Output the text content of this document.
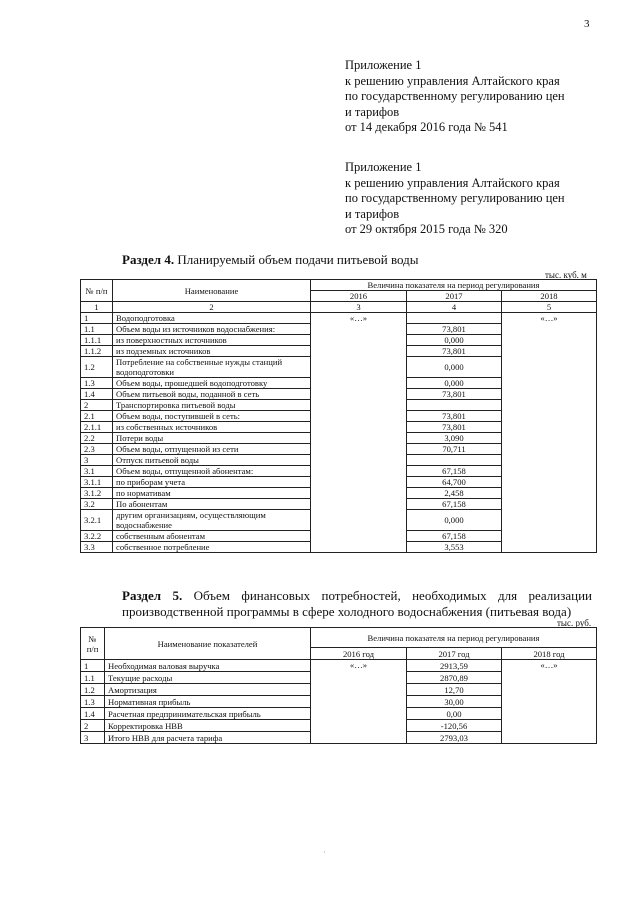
3
Приложение 1
к решению управления Алтайского края
по государственному регулированию цен
и тарифов
от 14 декабря 2016 года № 541
Приложение 1
к решению управления Алтайского края
по государственному регулированию цен
и тарифов
от 29 октября 2015 года № 320
Раздел 4. Планируемый объем подачи питьевой воды
тыс. куб. м
№ п/п	Наименование	Величина показателя на период регулирования		
		2016	2017	2018
1	2	3	4	5
1	Водоподготовка	«…»		«…»
1.1	Объем воды из источников водоснабжения:		73,801	
1.1.1	из поверхностных источников		0,000	
1.1.2	из подземных источников		73,801	
1.2	Потребление на собственные нужды станций водоподготовки		0,000	
1.3	Объем воды, прошедшей водоподготовку		0,000	
1.4	Объем питьевой воды, поданной в сеть		73,801	
2	Транспортировка питьевой воды			
2.1	Объем воды, поступившей в сеть:		73,801	
2.1.1	из собственных источников		73,801	
2.2	Потери воды		3,090	
2.3	Объем воды, отпущенной из сети		70,711	
3	Отпуск питьевой воды			
3.1	Объем воды, отпущенной абонентам:		67,158	
3.1.1	по приборам учета		64,700	
3.1.2	по нормативам		2,458	
3.2	По абонентам		67,158	
3.2.1	другим организациям, осуществляющим водоснабжение		0,000	
3.2.2	собственным абонентам		67,158	
3.3	собственное потребление		3,553	
Раздел 5. Объем финансовых потребностей, необходимых для реализации производственной программы в сфере холодного водоснабжения (питьевая вода)
тыс. руб.
№ п/п	Наименование показателей	Величина показателя на период регулирования		
		2016 год	2017 год	2018 год
1	Необходимая валовая выручка	«…»	2913,59	«…»
1.1	Текущие расходы		2870,89	
1.2	Амортизация		12,70	
1.3	Нормативная прибыль		30,00	
1.4	Расчетная предпринимательская прибыль		0,00	
2	Корректировка НВВ		-120,56	
3	Итого НВВ для расчета тарифа		2793,03	
·
